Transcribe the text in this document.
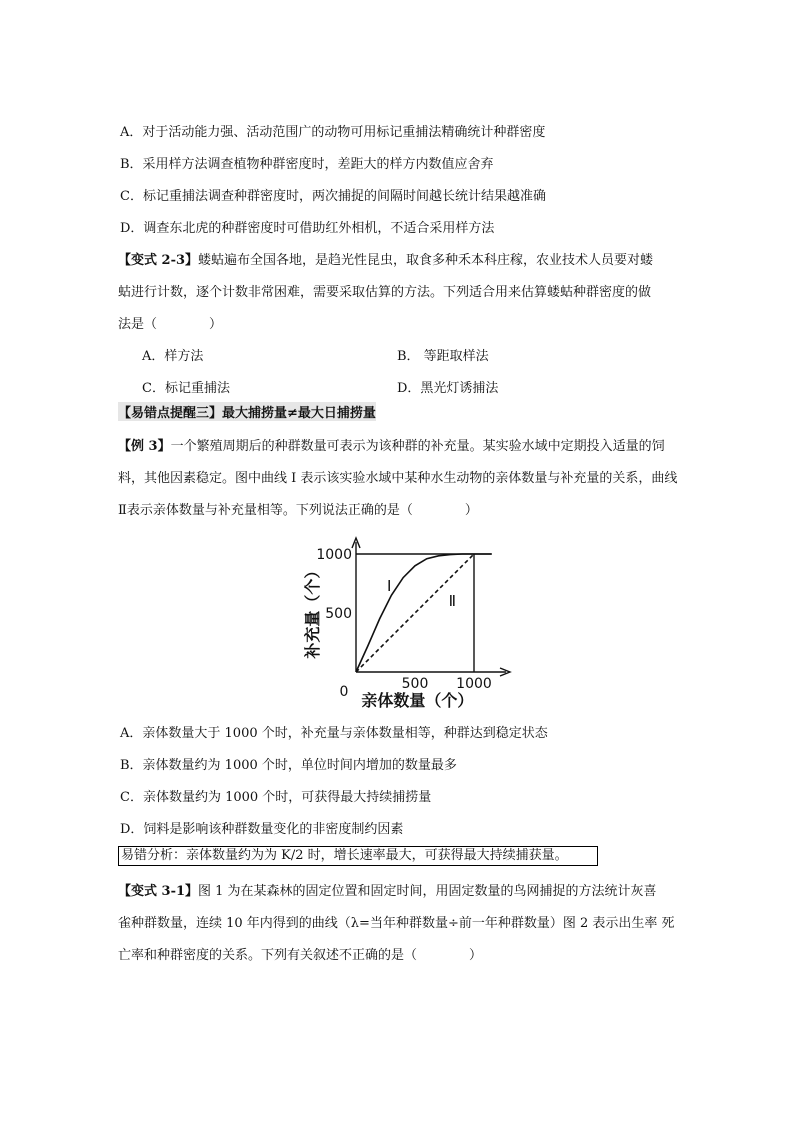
A．对于活动能力强、活动范围广的动物可用标记重捕法精确统计种群密度
B．采用样方法调查植物种群密度时，差距大的样方内数值应舍弃
C．标记重捕法调查种群密度时，两次捕捉的间隔时间越长统计结果越准确
D．调查东北虎的种群密度时可借助红外相机，不适合采用样方法
【变式 2-3】蝼蛄遍布全国各地，是趋光性昆虫，取食多种禾本科庄稼，农业技术人员要对蝼
蛄进行计数，逐个计数非常困难，需要采取估算的方法。下列适合用来估算蝼蛄种群密度的做
法是（　　　　）
A．样方法	B． 等距取样法
C．标记重捕法	D．黑光灯诱捕法
【易错点提醒三】最大捕捞量≠最大日捕捞量
【例 3】一个繁殖周期后的种群数量可表示为该种群的补充量。某实验水域中定期投入适量的饲
料，其他因素稳定。图中曲线 I 表示该实验水域中某种水生动物的亲体数量与补充量的关系，曲线
Ⅱ表示亲体数量与补充量相等。下列说法正确的是（　　　　）
I
Ⅱ
500
1000
0	500 1000
亲体数量（个）
补充量（个）
A．亲体数量大于 1000 个时，补充量与亲体数量相等，种群达到稳定状态
B．亲体数量约为 1000 个时，单位时间内增加的数量最多
C．亲体数量约为 1000 个时，可获得最大持续捕捞量
D．饲料是影响该种群数量变化的非密度制约因素
易错分析：亲体数量约为为 K/2 时，增长速率最大，可获得最大持续捕获量。
【变式 3-1】图 1 为在某森林的固定位置和固定时间，用固定数量的鸟网捕捉的方法统计灰喜
雀种群数量，连续 10 年内得到的曲线（λ=当年种群数量÷前一年种群数量）图 2 表示出生率 死
亡率和种群密度的关系。下列有关叙述不正确的是（　　　　）
